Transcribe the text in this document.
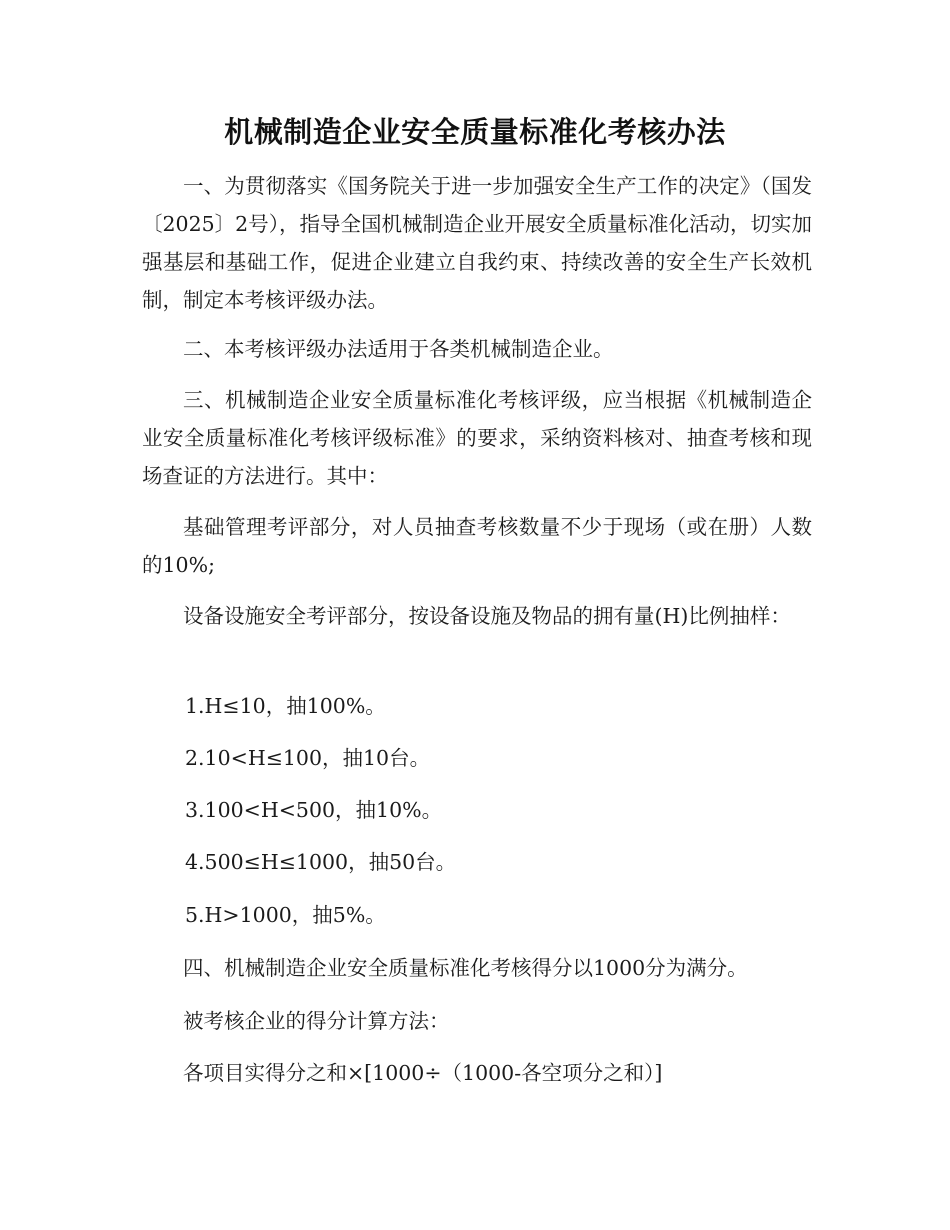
机械制造企业安全质量标准化考核办法

一、为贯彻落实《国务院关于进一步加强安全生产工作的决定》（国发〔2025〕2号），指导全国机械制造企业开展安全质量标准化活动，切实加强基层和基础工作，促进企业建立自我约束、持续改善的安全生产长效机制，制定本考核评级办法。

二、本考核评级办法适用于各类机械制造企业。

三、机械制造企业安全质量标准化考核评级，应当根据《机械制造企业安全质量标准化考核评级标准》的要求，采纳资料核对、抽查考核和现场查证的方法进行。其中：

基础管理考评部分，对人员抽查考核数量不少于现场（或在册）人数的10%;

设备设施安全考评部分，按设备设施及物品的拥有量(H)比例抽样：

1.H≤10，抽100%。

2.10<H≤100，抽10台。

3.100<H<500，抽10%。

4.500≤H≤1000，抽50台。

5.H>1000，抽5%。

四、机械制造企业安全质量标准化考核得分以1000分为满分。

被考核企业的得分计算方法：

各项目实得分之和×[1000÷（1000-各空项分之和）]
